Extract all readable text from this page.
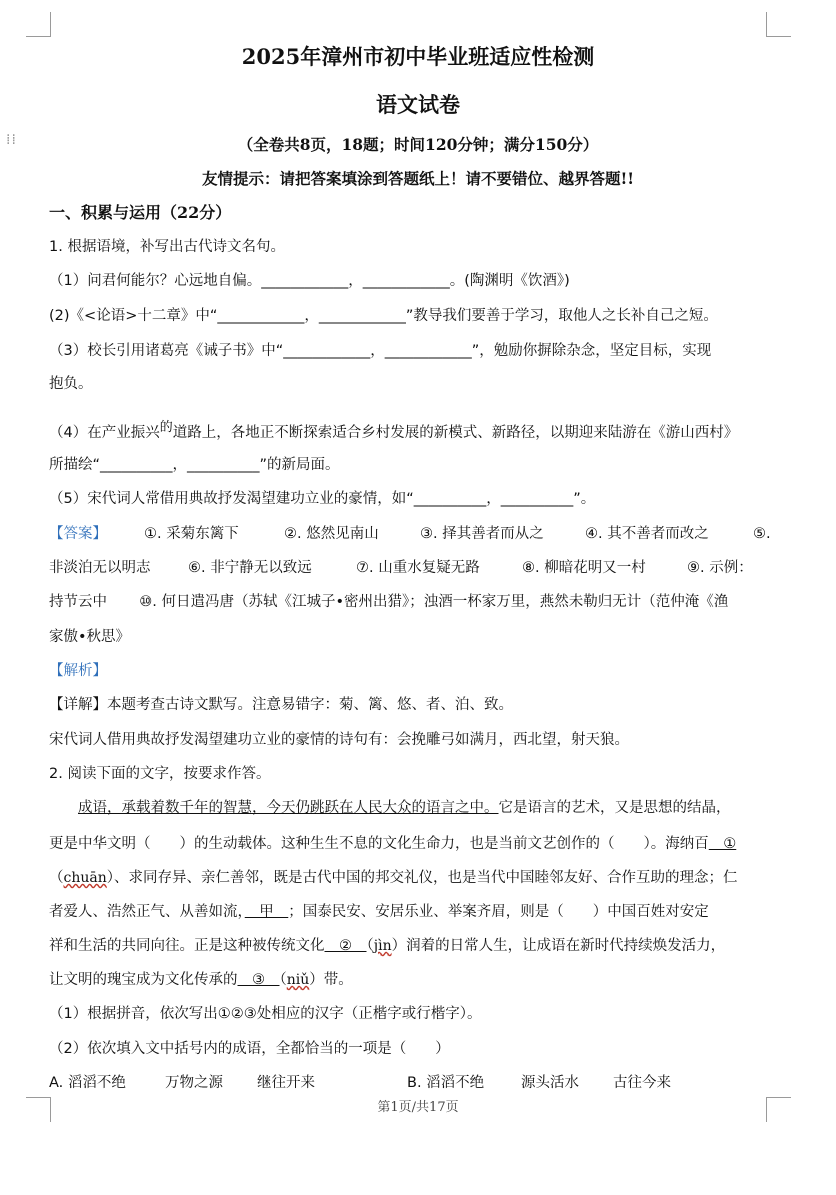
⁞⁞
2025年漳州市初中毕业班适应性检测
语文试卷
（全卷共8页，18题；时间120分钟；满分150分）
友情提示：请把答案填涂到答题纸上！请不要错位、越界答题!!
一、积累与运用（22分）
1. 根据语境，补写出古代诗文名句。
（1）问君何能尔？心远地自偏。____________，____________。(陶渊明《饮酒》)
(2)《<论语>十二章》中“____________，____________”教导我们要善于学习，取他人之长补自己之短。
（3）校长引用诸葛亮《诫子书》中“____________，____________”，勉励你摒除杂念，坚定目标，实现
抱负。
（4）在产业振兴$^的$道路上，各地正不断探索适合乡村发展的新模式、新路径，以期迎来陆游在《游山西村》
所描绘“__________，__________”的新局面。
（5）宋代词人常借用典故抒发渴望建功立业的豪情，如“__________，__________”。
【答案】	①. 采菊东篱下	②. 悠然见南山	③. 择其善者而从之	④. 其不善者而改之	⑤.
非淡泊无以明志	⑥. 非宁静无以致远	⑦. 山重水复疑无路	⑧. 柳暗花明又一村	⑨. 示例：
持节云中       ⑩. 何日遣冯唐（苏轼《江城子•密州出猎》；浊酒一杯家万里，燕然未勒归无计（范仲淹《渔
家傲•秋思》
【解析】
【详解】本题考查古诗文默写。注意易错字：菊、篱、悠、者、泊、致。
宋代词人借用典故抒发渴望建功立业的豪情的诗句有：会挽雕弓如满月，西北望，射天狼。
2. 阅读下面的文字，按要求作答。
成语，承载着数千年的智慧，今天仍跳跃在人民大众的语言之中。它是语言的艺术，又是思想的结晶，
更是中华文明（　　）的生动载体。这种生生不息的文化生命力，也是当前文艺创作的（　　）。海纳百　①
（chuān）、求同存异、亲仁善邻，既是古代中国的邦交礼仪，也是当代中国睦邻友好、合作互助的理念；仁
者爱人、浩然正气、从善如流，　甲　；国泰民安、安居乐业、举案齐眉，则是（　　）中国百姓对安定
祥和生活的共同向往。正是这种被传统文化　②　（jìn）润着的日常人生，让成语在新时代持续焕发活力，
让文明的瑰宝成为文化传承的　③　（niǔ）带。
（1）根据拼音，依次写出①②③处相应的汉字（正楷字或行楷字）。
（2）依次填入文中括号内的成语，全都恰当的一项是（　　）
A. 滔滔不绝	万物之源 继往开来	B. 滔滔不绝	源头活水 古往今来
第1页/共17页
